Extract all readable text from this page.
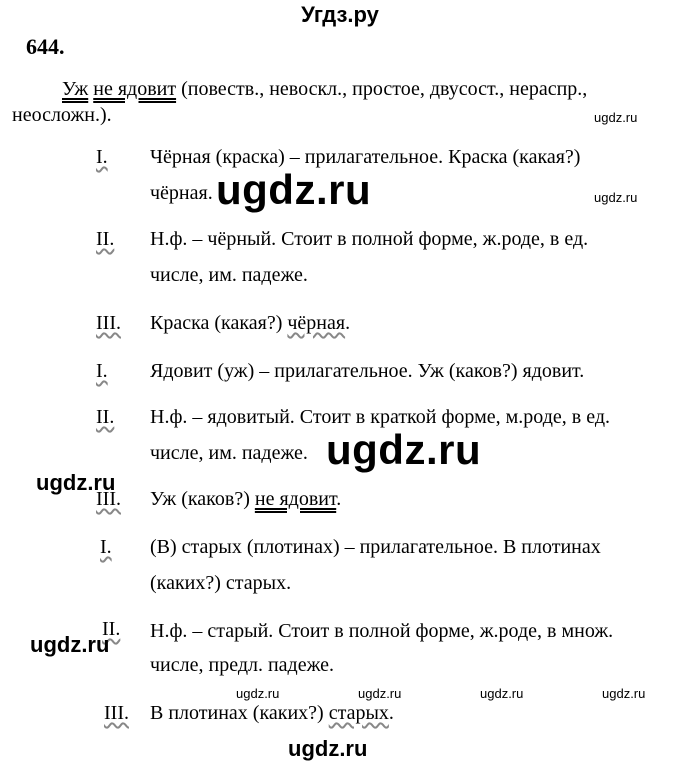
Угдз.ру
644.
Уж не ядовит (повеств., невоскл., простое, двусост., нераспр.,
неосложн.).
I. Чёрная (краска) – прилагательное. Краска (какая?)
чёрная.
II. Н.ф. – чёрный. Стоит в полной форме, ж.роде, в ед.
числе, им. падеже.
III. Краска (какая?) чёрная.
I. Ядовит (уж) – прилагательное. Уж (каков?) ядовит.
II. Н.ф. – ядовитый. Стоит в краткой форме, м.роде, в ед.
числе, им. падеже.
III. Уж (каков?) не ядовит.
I. (В) старых (плотинах) – прилагательное. В плотинах
(каких?) старых.
II. Н.ф. – старый. Стоит в полной форме, ж.роде, в множ.
числе, предл. падеже.
III. В плотинах (каких?) старых.
ugdz.ru
ugdz.ru
ugdz.ru
ugdz.ru
ugdz.ru
ugdz.ru
ugdz.ru
ugdz.ru	ugdz.ru	ugdz.ru	ugdz.ru
